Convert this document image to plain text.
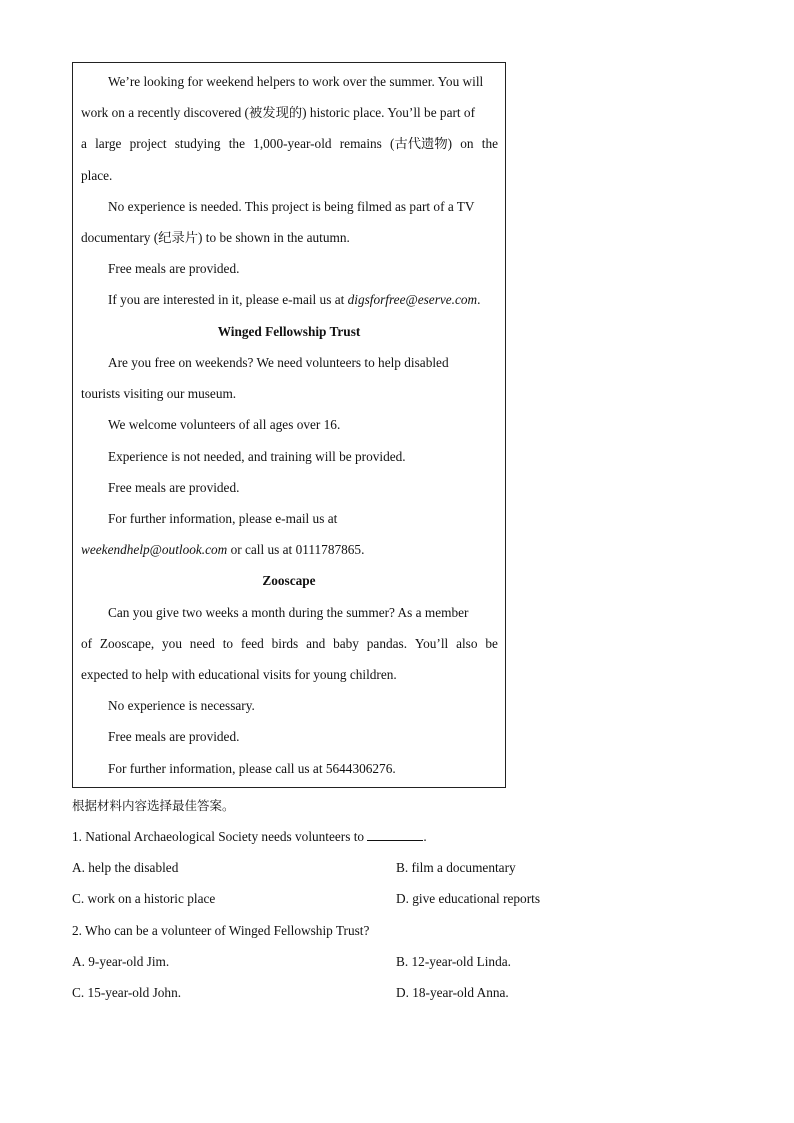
We’re looking for weekend helpers to work over the summer. You will
work on a recently discovered (被发现的) historic place. You’ll be part of
a large project studying the 1,000-year-old remains (古代遗物) on the
place.
No experience is needed. This project is being filmed as part of a TV
documentary (纪录片) to be shown in the autumn.
Free meals are provided.
If you are interested in it, please e-mail us at digsforfree@eserve.com.
Winged Fellowship Trust
Are you free on weekends? We need volunteers to help disabled
tourists visiting our museum.
We welcome volunteers of all ages over 16.
Experience is not needed, and training will be provided.
Free meals are provided.
For further information, please e-mail us at
weekendhelp@outlook.com or call us at 0111787865.
Zooscape
Can you give two weeks a month during the summer? As a member
of Zooscape, you need to feed birds and baby pandas. You’ll also be
expected to help with educational visits for young children.
No experience is necessary.
Free meals are provided.
For further information, please call us at 5644306276.
根据材料内容选择最佳答案。
1. National Archaeological Society needs volunteers to	.
A. help the disabled	B. film a documentary
C. work on a historic place	D. give educational reports
2. Who can be a volunteer of Winged Fellowship Trust?
A. 9-year-old Jim.	B. 12-year-old Linda.
C. 15-year-old John.	D. 18-year-old Anna.
